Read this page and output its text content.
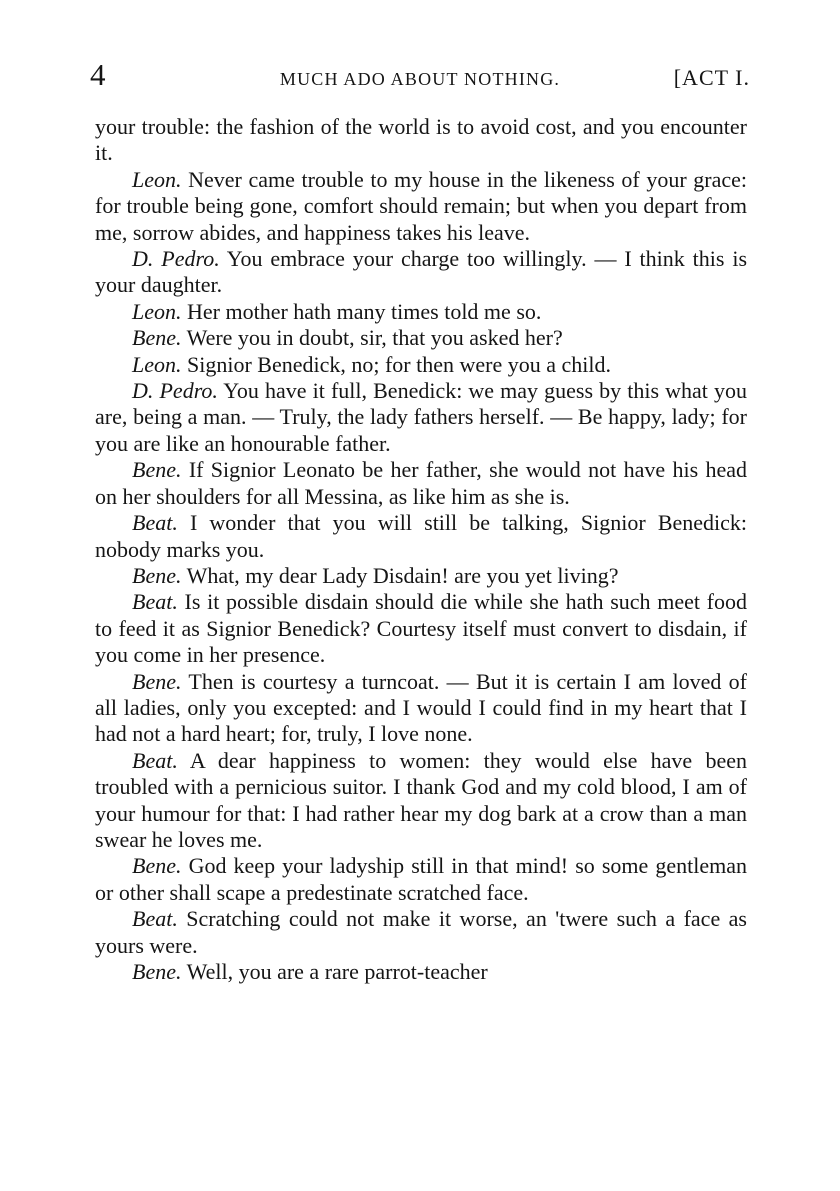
4	MUCH ADO ABOUT NOTHING.	[ACT I.

your trouble: the fashion of the world is to avoid cost, and you encounter it.

Leon. Never came trouble to my house in the likeness of your grace: for trouble being gone, comfort should remain; but when you depart from me, sorrow abides, and happiness takes his leave.

D. Pedro. You embrace your charge too willingly. — I think this is your daughter.

Leon. Her mother hath many times told me so.

Bene. Were you in doubt, sir, that you asked her?

Leon. Signior Benedick, no; for then were you a child.

D. Pedro. You have it full, Benedick: we may guess by this what you are, being a man. — Truly, the lady fathers herself. — Be happy, lady; for you are like an honourable father.

Bene. If Signior Leonato be her father, she would not have his head on her shoulders for all Messina, as like him as she is.

Beat. I wonder that you will still be talking, Signior Benedick: nobody marks you.

Bene. What, my dear Lady Disdain! are you yet living?

Beat. Is it possible disdain should die while she hath such meet food to feed it as Signior Benedick? Courtesy itself must convert to disdain, if you come in her presence.

Bene. Then is courtesy a turncoat. — But it is certain I am loved of all ladies, only you excepted: and I would I could find in my heart that I had not a hard heart; for, truly, I love none.

Beat. A dear happiness to women: they would else have been troubled with a pernicious suitor. I thank God and my cold blood, I am of your humour for that: I had rather hear my dog bark at a crow than a man swear he loves me.

Bene. God keep your ladyship still in that mind! so some gentleman or other shall scape a predestinate scratched face.

Beat. Scratching could not make it worse, an 'twere such a face as yours were.

Bene. Well, you are a rare parrot-teacher
